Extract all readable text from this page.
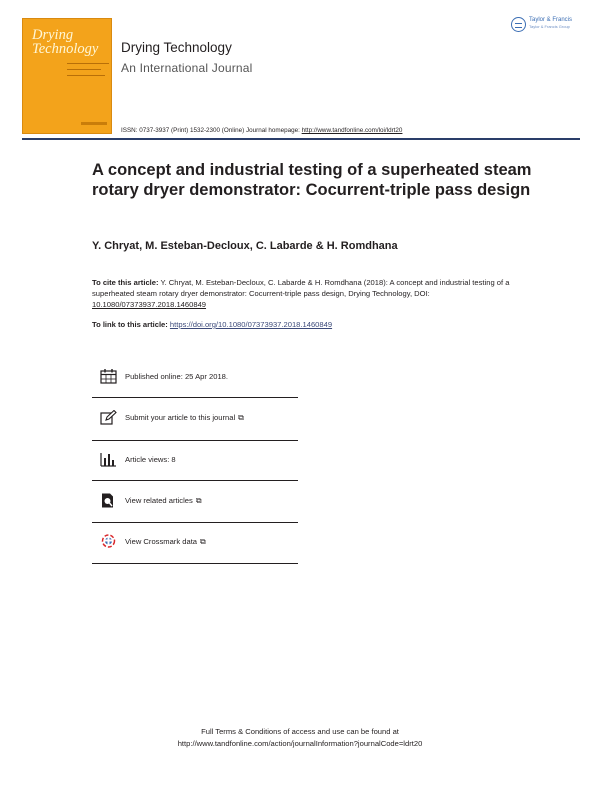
Drying
Technology Drying Technology
An International Journal
Taylor & Francis
Taylor & Francis Group
ISSN: 0737-3937 (Print) 1532-2300 (Online) Journal homepage: http://www.tandfonline.com/loi/ldrt20
A concept and industrial testing of a superheated steam rotary dryer demonstrator: Cocurrent-triple pass design
Y. Chryat, M. Esteban-Decloux, C. Labarde & H. Romdhana
To cite this article: Y. Chryat, M. Esteban-Decloux, C. Labarde & H. Romdhana (2018): A concept and industrial testing of a superheated steam rotary dryer demonstrator: Cocurrent-triple pass design, Drying Technology, DOI: 10.1080/07373937.2018.1460849
To link to this article: https://doi.org/10.1080/07373937.2018.1460849
Published online: 25 Apr 2018.
Submit your article to this journal ⧉
Article views: 8
View related articles ⧉
View Crossmark data ⧉
Full Terms & Conditions of access and use can be found at
http://www.tandfonline.com/action/journalInformation?journalCode=ldrt20
